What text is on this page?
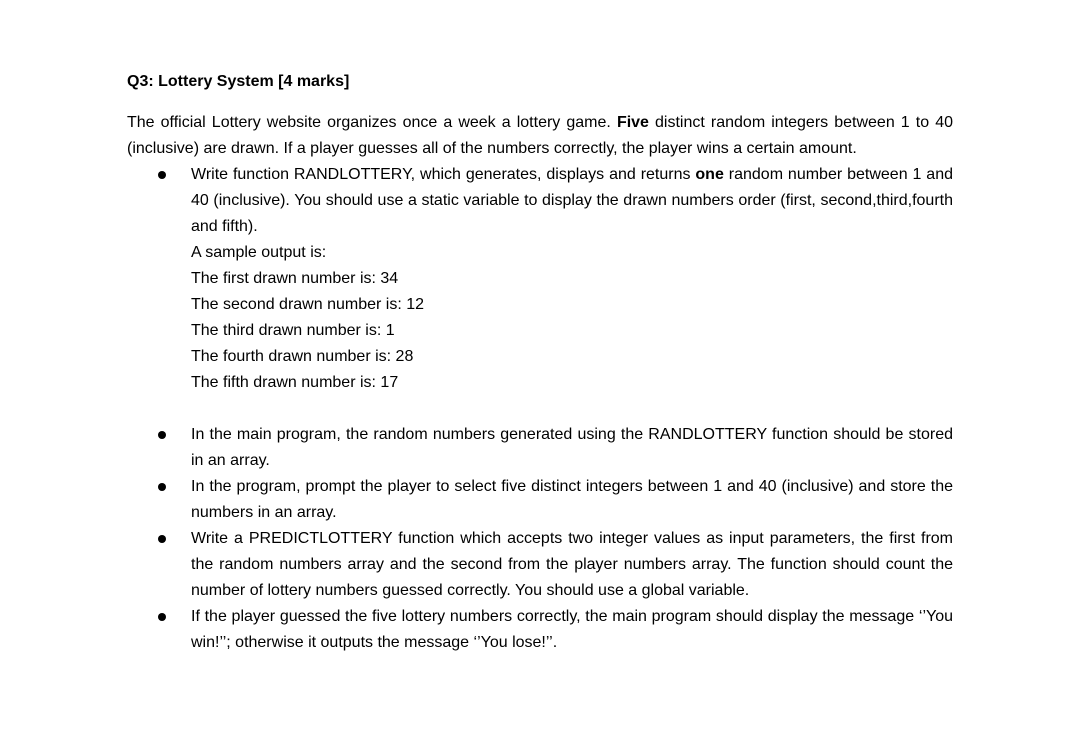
Q3: Lottery System [4 marks]

The official Lottery website organizes once a week a lottery game. Five distinct random integers between 1 to 40 (inclusive) are drawn. If a player guesses all of the numbers correctly, the player wins a certain amount.

Write function RANDLOTTERY, which generates, displays and returns one random number between 1 and 40 (inclusive). You should use a static variable to display the drawn numbers order (first, second,third,fourth and fifth).
A sample output is:
The first drawn number is: 34
The second drawn number is: 12
The third drawn number is: 1
The fourth drawn number is: 28
The fifth drawn number is: 17
In the main program, the random numbers generated using the RANDLOTTERY function should be stored in an array.
In the program, prompt the player to select five distinct integers between 1 and 40 (inclusive) and store the numbers in an array.
Write a PREDICTLOTTERY function which accepts two integer values as input parameters, the first from the random numbers array and the second from the player numbers array. The function should count the number of lottery numbers guessed correctly. You should use a global variable.
If the player guessed the five lottery numbers correctly, the main program should display the message ‘’You win!’’; otherwise it outputs the message ‘’You lose!’’.
